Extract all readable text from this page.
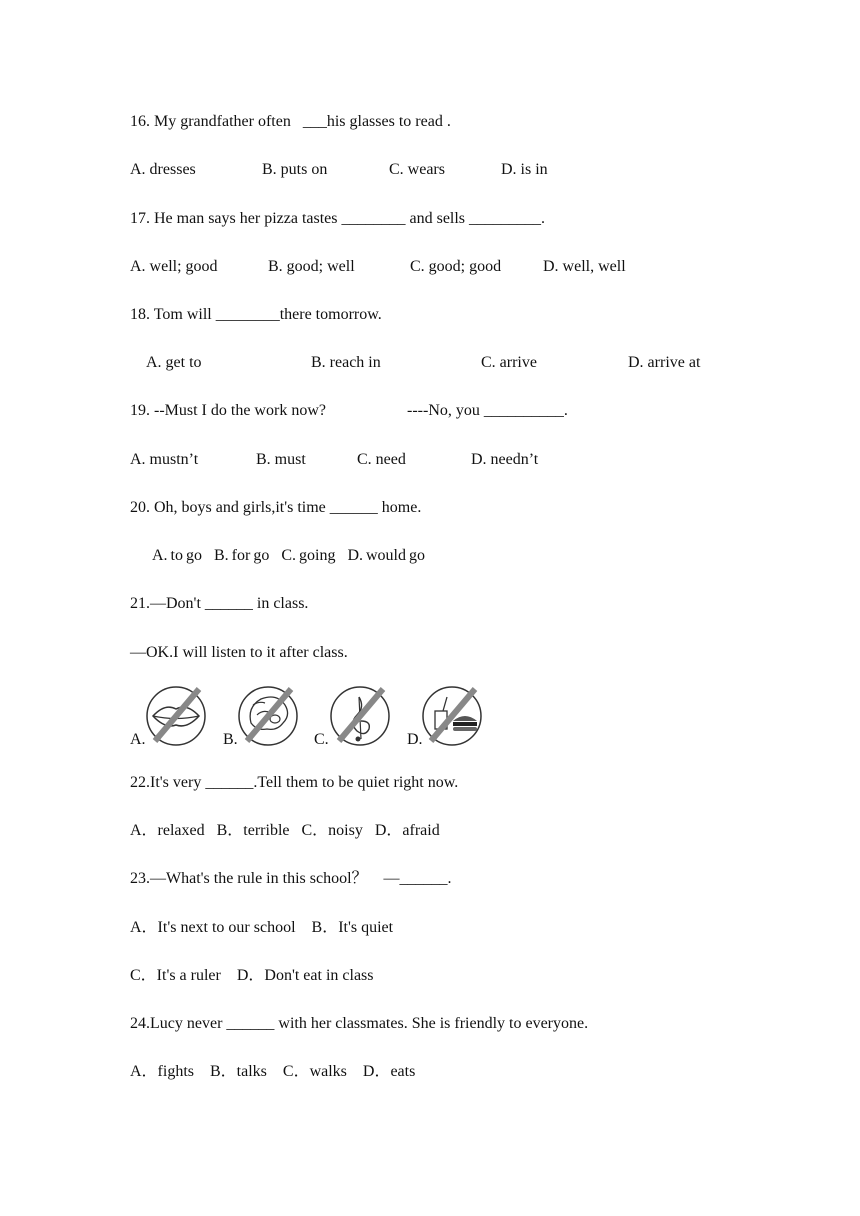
16. My grandfather often   ___his glasses to read .

A. dresses

	B. puts on

	C. wears

	D. is in

17. He man says her pizza tastes ________ and sells _________.

A. well; good

	B. good; well

	C. good; good

	D. well, well

18. Tom will ________there tomorrow.

A. get to

	B. reach in

	C. arrive

	D. arrive at

19. --Must I do the work now?	----No, you __________.

A. mustn’t

	B. must

	C. need

	D. needn’t

20. Oh, boys and girls,it's time ______ home.
A. to go    B. for go    C. going    D. would go
21.—Don't ______ in class.
—OK.I will listen to it after class.
A.	B.	C.	D.
22.It's very ______.Tell them to be quiet right now.
A．relaxed   B．terrible   C．noisy   D．afraid
23.—What's the rule in this school？    —______.
A．It's next to our school    B．It's quiet
C．It's a ruler    D．Don't eat in class
24.Lucy never ______ with her classmates. She is friendly to everyone.
A．fights    B．talks    C．walks    D．eats
